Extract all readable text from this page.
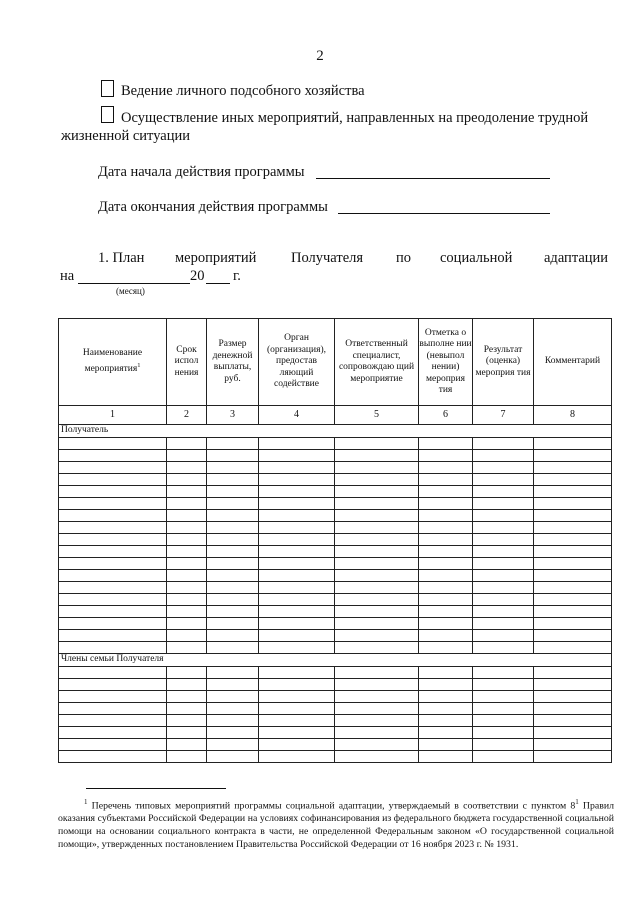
2
Ведение личного подсобного хозяйства
Осуществление иных мероприятий, направленных на преодоление трудной
жизненной ситуации
Дата начала действия программы
Дата окончания действия программы
1. План мероприятий Получателя по социальной адаптации
на	20 г.
(месяц)
Наименование мероприятия$^1$	Срок испол нения	Размер денежной выплаты, руб.	Орган (организация), предостав ляющий содействие	Ответственный специалист, сопровождаю щий мероприятие	Отметка о выполне нии (невыпол нении) мероприя тия	Результат (оценка) мероприя тия	Комментарий
1	2	3	4	5	6	7	8
Получатель							

Члены семьи Получателя							

$^1$ Перечень типовых мероприятий программы социальной адаптации, утверждаемый в соответствии с пунктом $8^1$ Правил оказания субъектами Российской Федерации на условиях софинансирования из федерального бюджета государственной социальной помощи на основании социального контракта в части, не определенной Федеральным законом «О государственной социальной помощи», утвержденных постановлением Правительства Российской Федерации от 16 ноября 2023 г. № 1931.
